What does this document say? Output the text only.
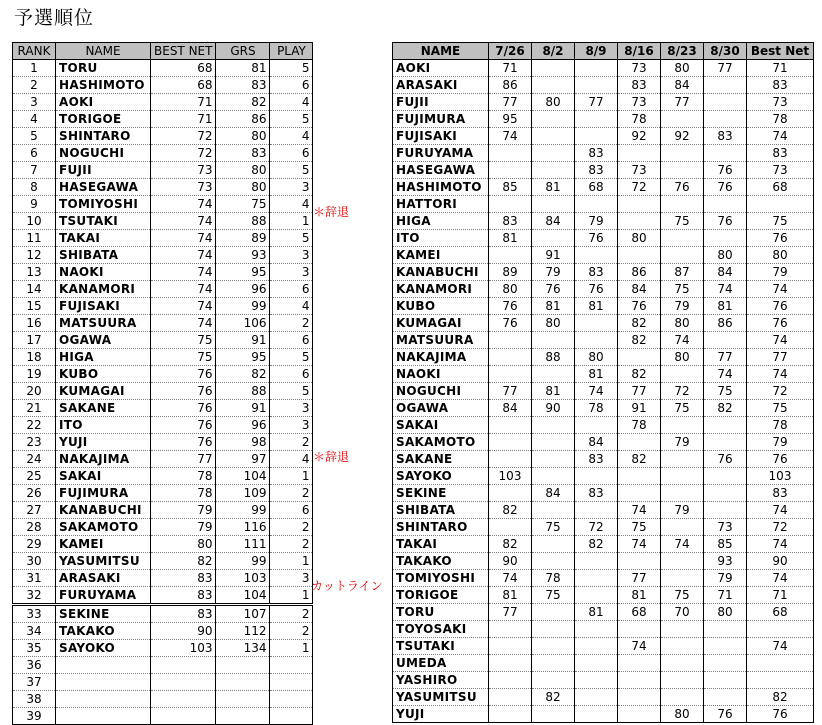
予選順位
RANK	NAME	BEST NET	GRS	PLAY
1	TORU	68	81	5
2	HASHIMOTO	68	83	6
3	AOKI	71	82	4
4	TORIGOE	71	86	5
5	SHINTARO	72	80	4
6	NOGUCHI	72	83	6
7	FUJII	73	80	5
8	HASEGAWA	73	80	3
9	TOMIYOSHI	74	75	4
10	TSUTAKI	74	88	1
11	TAKAI	74	89	5
12	SHIBATA	74	93	3
13	NAOKI	74	95	3
14	KANAMORI	74	96	6
15	FUJISAKI	74	99	4
16	MATSUURA	74	106	2
17	OGAWA	75	91	6
18	HIGA	75	95	5
19	KUBO	76	82	6
20	KUMAGAI	76	88	5
21	SAKANE	76	91	3
22	ITO	76	96	3
23	YUJI	76	98	2
24	NAKAJIMA	77	97	4
25	SAKAI	78	104	1
26	FUJIMURA	78	109	2
27	KANABUCHI	79	99	6
28	SAKAMOTO	79	116	2
29	KAMEI	80	111	2
30	YASUMITSU	82	99	1
31	ARASAKI	83	103	3
32	FURUYAMA	83	104	1
33	SEKINE	83	107	2
34	TAKAKO	90	112	2
35	SAYOKO	103	134	1
36				
37				
38				
39				
＊辞退
＊辞退
カットライン
NAME	7/26	8/2	8/9	8/16	8/23	8/30	Best Net
AOKI	71			73	80	77	71
ARASAKI	86			83	84		83
FUJII	77	80	77	73	77		73
FUJIMURA	95			78			78
FUJISAKI	74			92	92	83	74
FURUYAMA			83				83
HASEGAWA			83	73		76	73
HASHIMOTO	85	81	68	72	76	76	68
HATTORI							
HIGA	83	84	79		75	76	75
ITO	81		76	80			76
KAMEI		91				80	80
KANABUCHI	89	79	83	86	87	84	79
KANAMORI	80	76	76	84	75	74	74
KUBO	76	81	81	76	79	81	76
KUMAGAI	76	80		82	80	86	76
MATSUURA				82	74		74
NAKAJIMA		88	80		80	77	77
NAOKI			81	82		74	74
NOGUCHI	77	81	74	77	72	75	72
OGAWA	84	90	78	91	75	82	75
SAKAI				78			78
SAKAMOTO			84		79		79
SAKANE			83	82		76	76
SAYOKO	103						103
SEKINE		84	83				83
SHIBATA	82			74	79		74
SHINTARO		75	72	75		73	72
TAKAI	82		82	74	74	85	74
TAKAKO	90					93	90
TOMIYOSHI	74	78		77		79	74
TORIGOE	81	75		81	75	71	71
TORU	77		81	68	70	80	68
TOYOSAKI							
TSUTAKI				74			74
UMEDA							
YASHIRO							
YASUMITSU		82					82
YUJI					80	76	76
